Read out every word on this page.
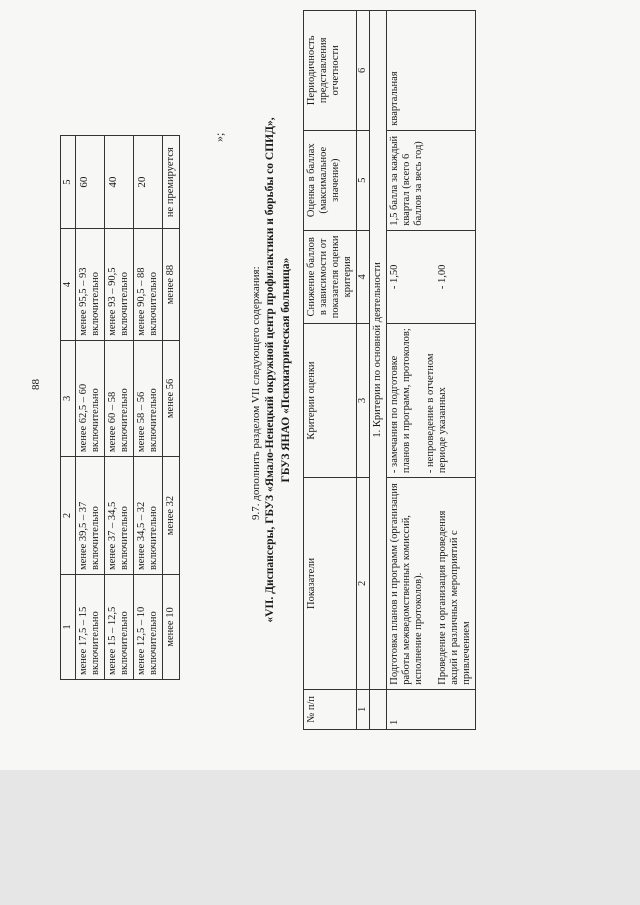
88
1	2	3	4	5
менее 17,5 – 15 включительно	менее 39,5 – 37 включительно	менее 62,5 – 60 включительно	менее 95,5 – 93 включительно	60
менее 15 – 12,5 включительно	менее 37 – 34,5 включительно	менее 60 – 58 включительно	менее 93 – 90,5 включительно	40
менее 12,5 – 10 включительно	менее 34,5 – 32 включительно	менее 58 – 56 включительно	менее 90,5 – 88 включительно	20
менее 10	менее 32	менее 56	менее 88	не премируется
»;
9.7. дополнить разделом VII следующего содержания: «VII. Диспансеры, ГБУЗ «Ямало-Ненецкий окружной центр профилактики и борьбы со СПИД», ГБУЗ ЯНАО «Психиатрическая больница»
№ п/п	Показатели	Критерии оценки	Снижение баллов в зависимости от показателя оценки критерия	Оценка в баллах (максимальное значение)	Периодичность представления отчетности
1	2	3	4	5	6
	1. Критерии по основной деятельности				
1	Подготовка планов и программ (организация работы межведомственных комиссий, исполнение протоколов). Проведение и организация проведения акций и различных мероприятий с привлечением	- замечания по подготовке планов и программ, протоколов; - непроведение в отчетном периоде указанных	- 1,50 - 1,00	1,5 балла за каждый квартал (всего 6 баллов за весь год)	квартальная
